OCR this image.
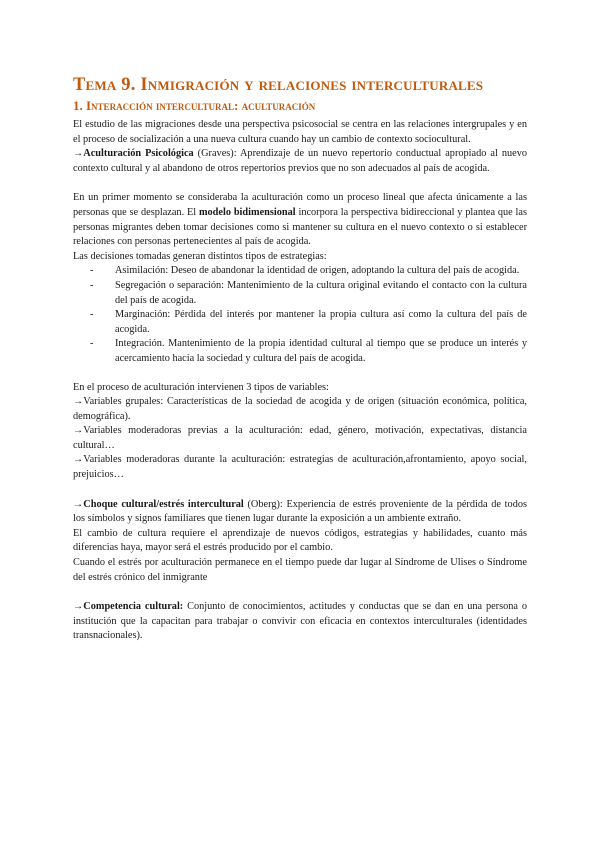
Tema 9. Inmigración y relaciones interculturales
1. Interacción intercultural: aculturación

El estudio de las migraciones desde una perspectiva psicosocial se centra en las relaciones intergrupales y en el proceso de socialización a una nueva cultura cuando hay un cambio de contexto sociocultural.

→Aculturación Psicológica (Graves): Aprendizaje de un nuevo repertorio conductual apropiado al nuevo contexto cultural y al abandono de otros repertorios previos que no son adecuados al país de acogida.

En un primer momento se consideraba la aculturación como un proceso lineal que afecta únicamente a las personas que se desplazan. El modelo bidimensional incorpora la perspectiva bidireccional y plantea que las personas migrantes deben tomar decisiones como si mantener su cultura en el nuevo contexto o si establecer relaciones con personas pertenecientes al país de acogida.

Las decisiones tomadas generan distintos tipos de estrategias:

- Asimilación: Deseo de abandonar la identidad de origen, adoptando la cultura del país de acogida.
- Segregación o separación: Mantenimiento de la cultura original evitando el contacto con la cultura del país de acogida.
- Marginación: Pérdida del interés por mantener la propia cultura así como la cultura del país de acogida.
- Integración. Mantenimiento de la propia identidad cultural al tiempo que se produce un interés y acercamiento hacia la sociedad y cultura del país de acogida.

En el proceso de aculturación intervienen 3 tipos de variables:

→Variables grupales: Características de la sociedad de acogida y de origen (situación económica, política, demográfica).

→Variables moderadoras previas a la aculturación: edad, género, motivación, expectativas, distancia cultural…

→Variables moderadoras durante la aculturación: estrategias de aculturación,afrontamiento, apoyo social, prejuicios…

→Choque cultural/estrés intercultural (Oberg): Experiencia de estrés proveniente de la pérdida de todos los símbolos y signos familiares que tienen lugar durante la exposición a un ambiente extraño.

El cambio de cultura requiere el aprendizaje de nuevos códigos, estrategias y habilidades, cuanto más diferencias haya, mayor será el estrés producido por el cambio.

Cuando el estrés por aculturación permanece en el tiempo puede dar lugar al Síndrome de Ulises o Síndrome del estrés crónico del inmigrante

→Competencia cultural: Conjunto de conocimientos, actitudes y conductas que se dan en una persona o institución que la capacitan para trabajar o convivir con eficacia en contextos interculturales (identidades transnacionales).
